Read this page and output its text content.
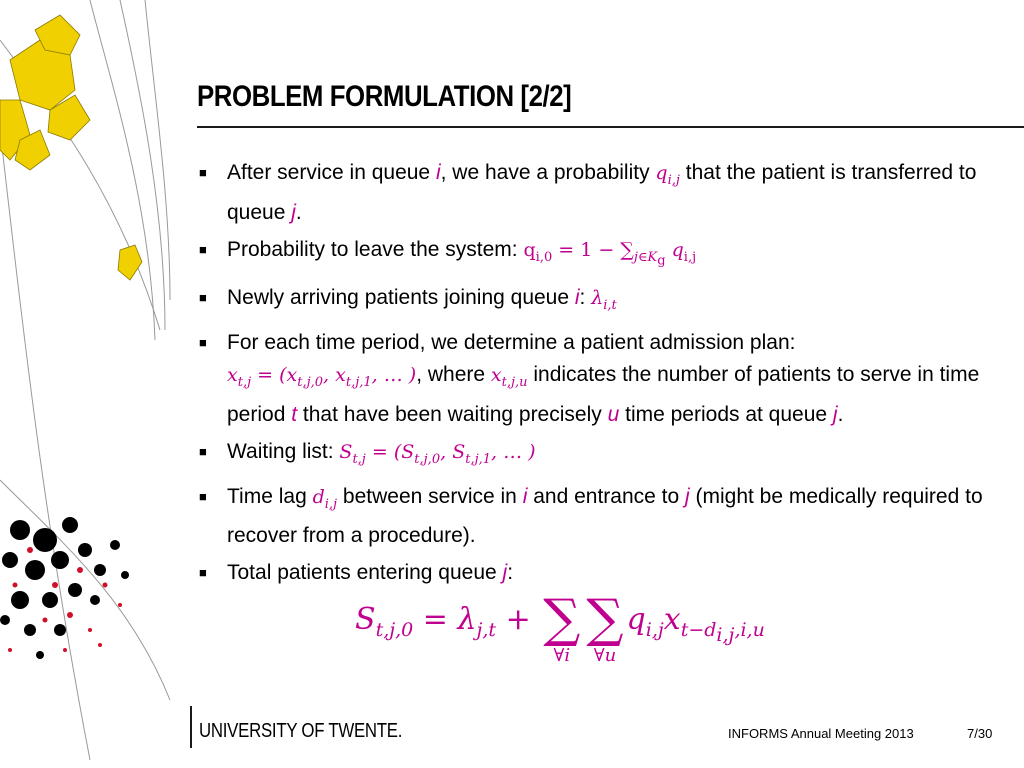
PROBLEM FORMULATION [2/2]
■ After service in queue i, we have a probability $q_{i,j}$ that the patient is transferred to queue j.
■ Probability to leave the system: $q_{i,0} = 1 - \sum_{j\in K_g}$ $q_{i,j}$
■ Newly arriving patients joining queue i: $\lambda_{i,t}$
■ For each time period, we determine a patient admission plan:
$x_{t,j} = (x_{t,j,0}$, $x_{t,j,1}$, … ), where $x_{t,j,u}$ indicates the number of patients to serve in time period t that have been waiting precisely u time periods at queue j.
■ Waiting list: $S_{t,j} = (S_{t,j,0}$, $S_{t,j,1}$, … )
■ Time lag $d_{i,j}$ between service in i and entrance to j (might be medically required to recover from a procedure).
■ Total patients entering queue j:
$S_{t,j,0} = \lambda_{j,t}$ + ∑
∀i
∑
∀u
$q_{i,j}x_{t-d_{i,j},i,u}$
UNIVERSITY OF TWENTE.	INFORMS Annual Meeting 2013	7/30
